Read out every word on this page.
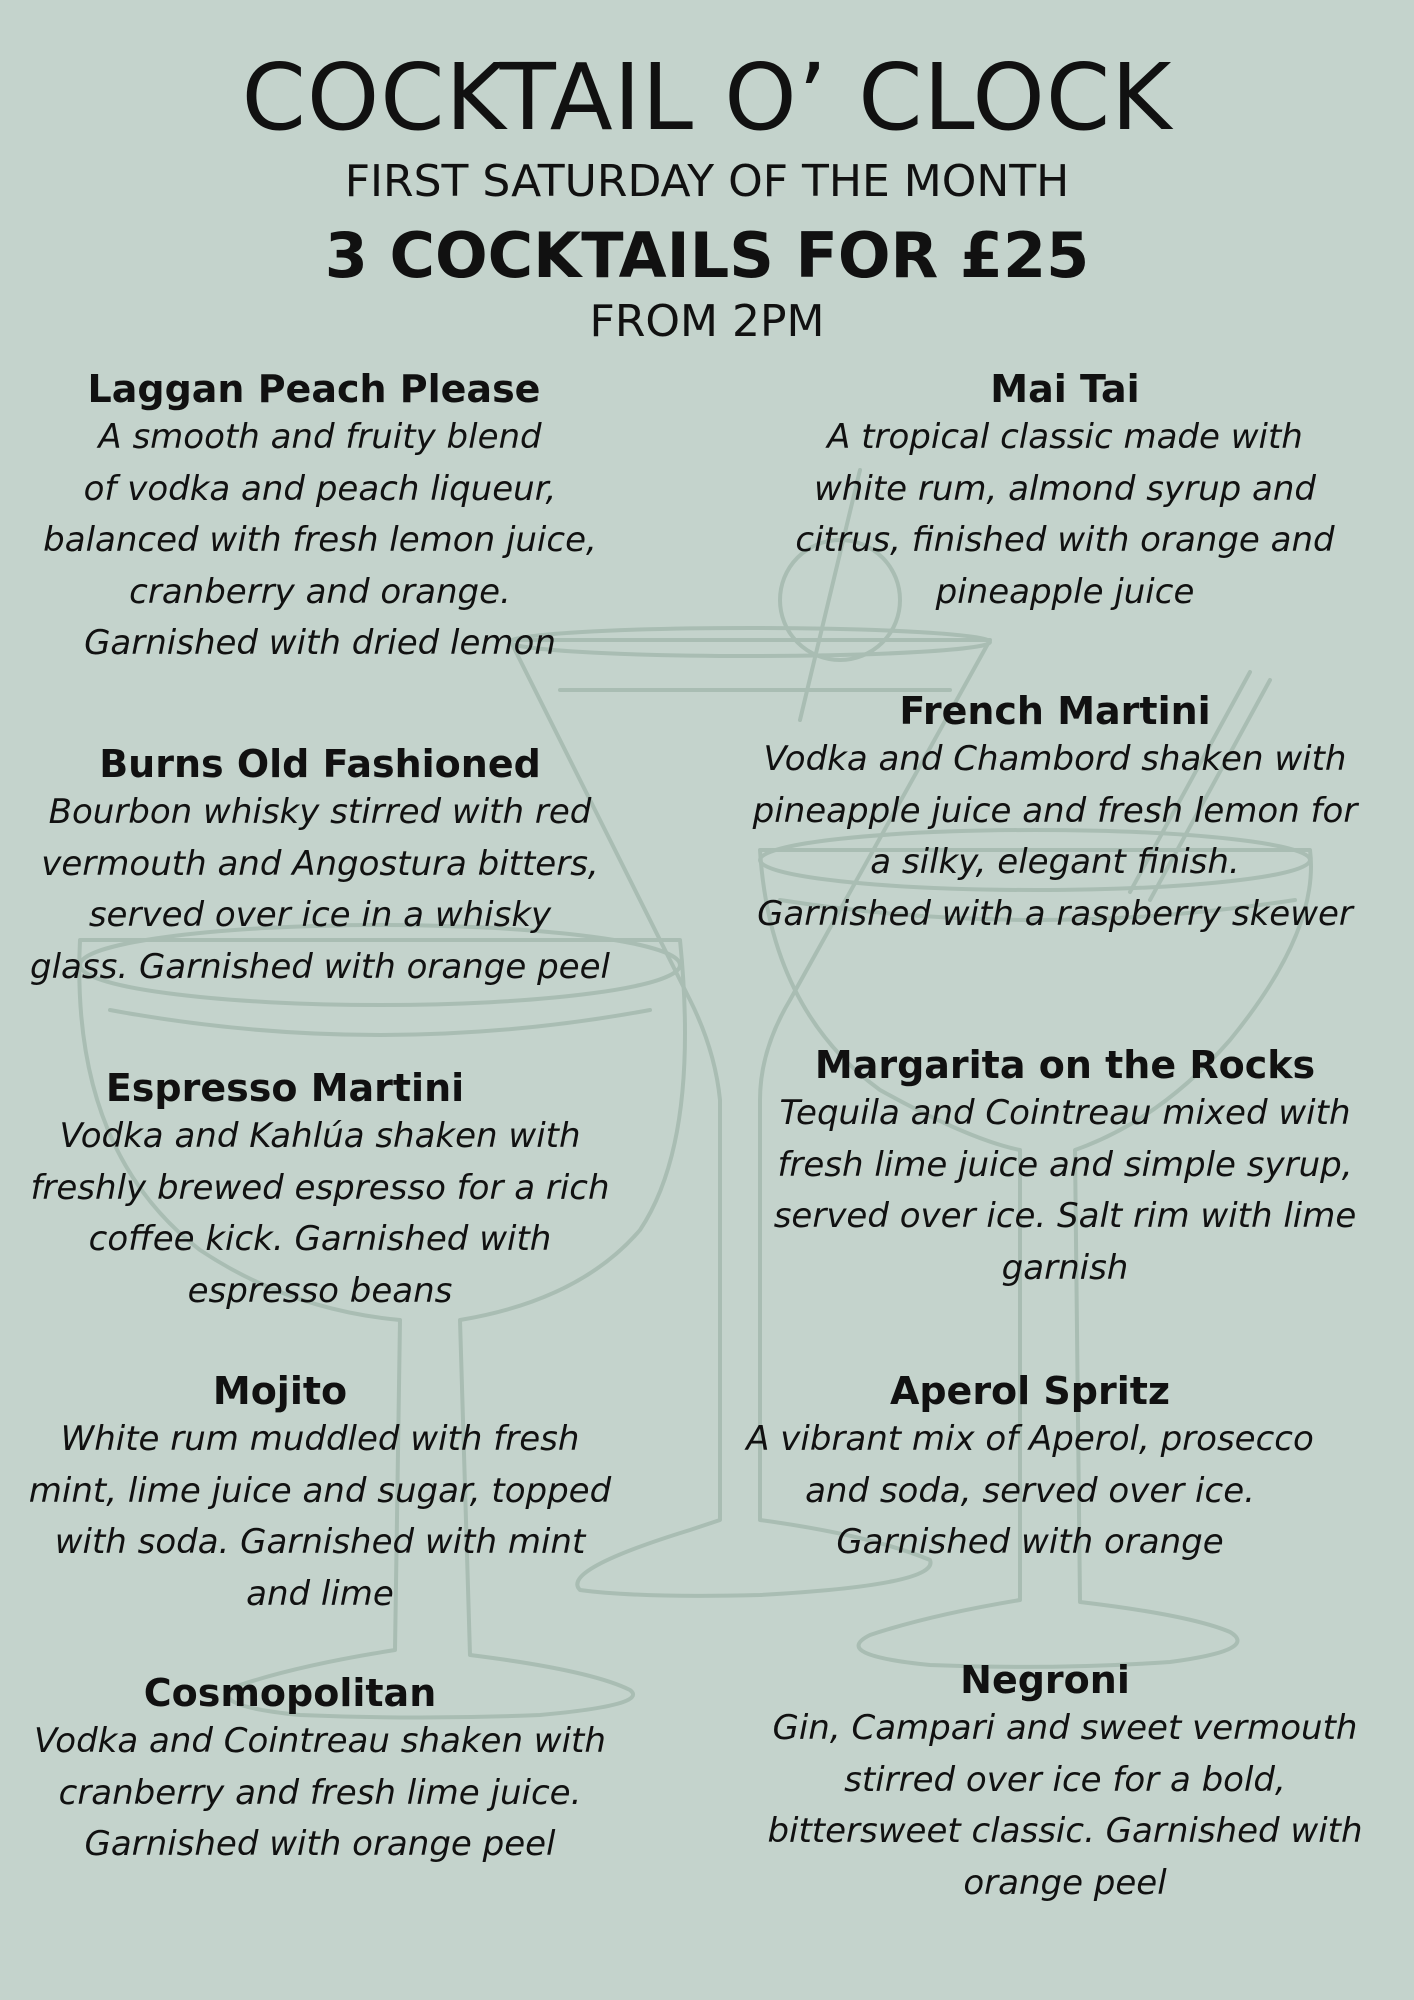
COCKTAIL O’ CLOCK
FIRST SATURDAY OF THE MONTH
3 COCKTAILS FOR £25
FROM 2PM
Laggan Peach Please
A smooth and fruity blend
of vodka and peach liqueur,
balanced with fresh lemon juice,
cranberry and orange.
Garnished with dried lemon
Burns Old Fashioned
Bourbon whisky stirred with red
vermouth and Angostura bitters,
served over ice in a whisky
glass. Garnished with orange peel
Espresso Martini
Vodka and Kahlúa shaken with
freshly brewed espresso for a rich
coffee kick. Garnished with
espresso beans
Mojito
White rum muddled with fresh
mint, lime juice and sugar, topped
with soda. Garnished with mint
and lime
Cosmopolitan
Vodka and Cointreau shaken with
cranberry and fresh lime juice.
Garnished with orange peel
Mai Tai
A tropical classic made with
white rum, almond syrup and
citrus, finished with orange and
pineapple juice
French Martini
Vodka and Chambord shaken with
pineapple juice and fresh lemon for
a silky, elegant finish.
Garnished with a raspberry skewer
Margarita on the Rocks
Tequila and Cointreau mixed with
fresh lime juice and simple syrup,
served over ice. Salt rim with lime
garnish
Aperol Spritz
A vibrant mix of Aperol, prosecco
and soda, served over ice.
Garnished with orange
Negroni
Gin, Campari and sweet vermouth
stirred over ice for a bold,
bittersweet classic. Garnished with
orange peel
